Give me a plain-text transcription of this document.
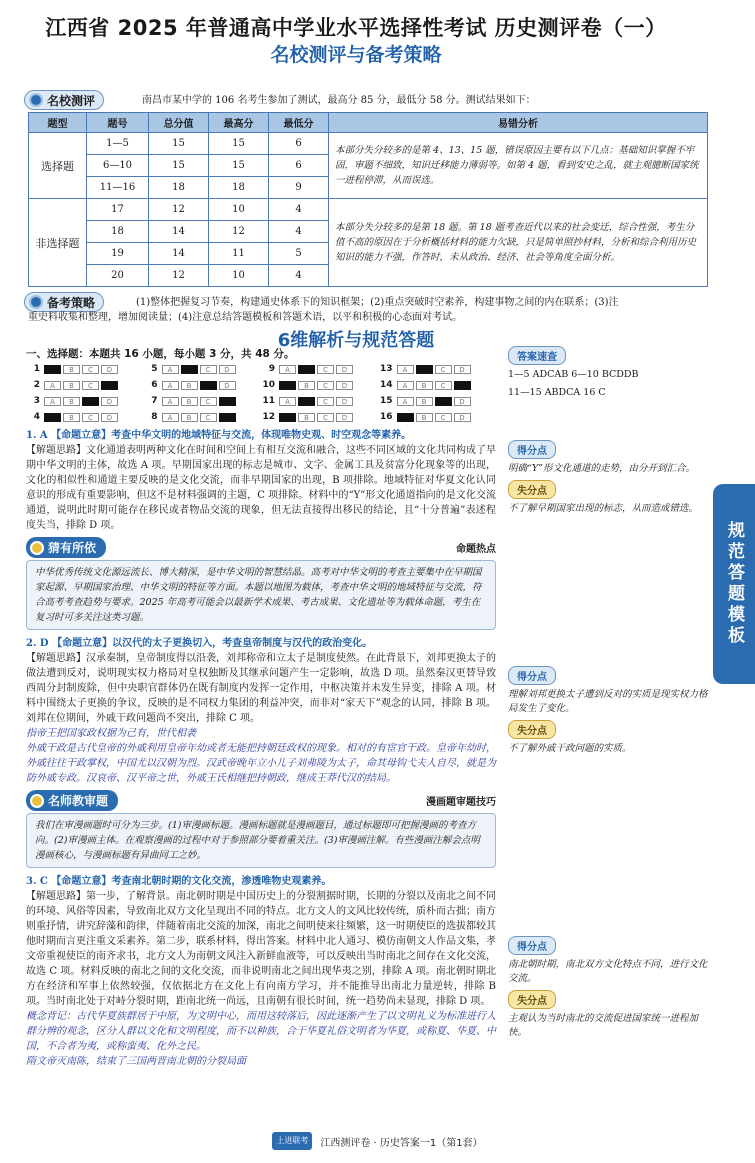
江西省 2025 年普通高中学业水平选择性考试 历史测评卷（一）
名校测评与备考策略
名校测评	南昌市某中学的 106 名考生参加了测试，最高分 85 分，最低分 58 分。测试结果如下：
题型	题号	总分值	最高分	最低分	易错分析
选择题	1—5	15	15	6	本部分失分较多的是第 4、13、15 题，错误原因主要有以下几点：基础知识掌握不牢固，审题不细致，知识迁移能力薄弱等。如第 4 题，看到安史之乱，就主观臆断国家统一进程停滞，从而误选。
	6—10	15	15	6	
	11—16	18	18	9	
非选择题	17	12	10	4	本部分失分较多的是第 18 题。第 18 题考查近代以来的社会变迁，综合性强，考生分值不高的原因在于分析概括材料的能力欠缺，只是简单照抄材料，分析和综合利用历史知识的能力不强，作答时，未从政治、经济、社会等角度全面分析。
	18	14	12	4	
	19	14	11	5	
	20	12	10	4	
备考策略	(1)整体把握复习节奏，构建通史体系下的知识框架；(2)重点突破时空素养，构建事物之间的内在联系；(3)注
重史料收集和整理，增加阅读量；(4)注意总结答题模板和答题术语，以平和积极的心态面对考试。
6维解析与规范答题
一、选择题：本题共 16 小题，每小题 3 分，共 48 分。
1	A	B	C	D	5	A	B	C	D	9	A	B	C	D	13	A	B	C	D
2	A	B	C	D	6	A	B	C	D	10	A	B	C	D	14	A	B	C	D
3	A	B	C	D	7	A	B	C	D	11	A	B	C	D	15	A	B	C	D
4	A	B	C	D	8	A	B	C	D	12	A	B	C	D	16	A	B	C	D
1. A 【命题立意】考查中华文明的地域特征与交流，体现唯物史观、时空观念等素养。
【解题思路】文化通道表明两种文化在时间和空间上有相互交流和融合，这些不同区域的文化共同构成了早期中华文明的主体，故选 A 项。早期国家出现的标志是城市、文字、金属工具及贫富分化现象等的出现，文化的相似性和通道主要反映的是文化交流，而非早期国家的出现，B 项排除。地域特征对华夏文化认同意识的形成有重要影响，但这不是材料强调的主题，C 项排除。材料中的“Y”形文化通道指向的是文化交流通道，说明此时期可能存在移民或者物品交流的现象，但无法直接得出移民的结论，且“十分普遍”表述程度失当，排除 D 项。
猜有所依	命题热点
中华优秀传统文化源远流长、博大精深，是中华文明的智慧结晶。高考对中华文明的考查主要集中在早期国家起源、早期国家治理、中华文明的特征等方面。本题以地图为载体，考查中华文明的地域特征与交流，符合高考考查趋势与要求。2025 年高考可能会以最新学术成果、考古成果、文化遗址等为载体命题，考生在复习时可多关注这类习题。
2. D 【命题立意】以汉代的太子更换切入，考查皇帝制度与汉代的政治变化。
【解题思路】汉承秦制，皇帝制度得以沿袭，刘邦称帝和立太子是制度使然。在此背景下，刘邦更换太子的做法遭到反对，说明现实权力格局对皇权独断及其继承问题产生一定影响，故选 D 项。虽然秦汉更替导致西周分封制废除，但中央职官群体仍在既有制度内发挥一定作用，中枢决策并未发生异变，排除 A 项。材料中围绕太子更换的争议，反映的是不同权力集团的利益冲突，而非对“家天下”观念的认同，排除 B 项。刘邦在位期间，外戚干政问题尚不突出，排除 C 项。
指帝王把国家政权据为己有，世代相袭
外戚干政是古代皇帝的外戚利用皇帝年幼或者无能把持朝廷政权的现象。相对的有宦官干政。皇帝年幼时，外戚往往干政掌权，中国尤以汉朝为烈。汉武帝晚年立小儿子刘弗陵为太子，命其母钩弋夫人自尽，就是为防外戚专政。汉哀帝、汉平帝之世，外戚王氏相继把持朝政，继成王莽代汉的结局。
名师教审题	漫画题审题技巧
我们在审漫画题时可分为三步。(1)审漫画标题。漫画标题就是漫画题目，通过标题即可把握漫画的考查方向。(2)审漫画主体。在观察漫画的过程中对于参照部分要着重关注。(3)审漫画注解。有些漫画注解会点明漫画核心，与漫画标题有异曲同工之妙。
3. C 【命题立意】考查南北朝时期的文化交流，渗透唯物史观素养。
【解题思路】第一步，了解背景。南北朝时期是中国历史上的分裂割据时期，长期的分裂以及南北之间不同的环境、风俗等因素，导致南北双方文化呈现出不同的特点。北方文人的文风比较传统，质朴而古拙；南方则重抒情，讲究辞藻和韵律，伴随着南北交流的加深，南北之间明使来往频繁，这一时期使臣的选拔都较其他时期而言更注重文采素养。第二步，联系材料，得出答案。材料中北人通习、模仿南朝文人作品文集，孝文帝重视使臣的南齐求书，北方文人为南朝文风注入新鲜血液等，可以反映出当时南北之间存在文化交流，故选 C 项。材料反映的南北之间的文化交流，而非说明南北之间出现华夷之别，排除 A 项。南北朝时期北方在经济和军事上依然较强，仅依据北方在文化上有向南方学习，并不能推导出南北力量逆转，排除 B 项。当时南北处于对峙分裂时期，距南北统一尚远，且南朝有很长时间，统一趋势尚未显现，排除 D 项。
概念背记：古代华夏族群居于中原，为文明中心，而用这较落后，因此逐渐产生了以文明礼义为标准进行人群分辨的观念，区分人群以文化和文明程度，而不以种族，合于华夏礼俗文明者为华夏，或称夏、华夏、中国，不合者为夷，或称蛮夷、化外之民。
隋文帝灭南陈，结束了三国两晋南北朝的分裂局面
答案速查
1—5 ADCAB 6—10 BCDDB
11—15 ABDCA 16 C
得分点
明确“Y”形文化通道的走势，由分开到汇合。
失分点
不了解早期国家出现的标志，从而造成错选。
得分点
理解刘邦更换太子遭到反对的实质是现实权力格局发生了变化。
失分点
不了解外戚干政问题的实质。
得分点
南北朝时期，南北双方文化特点不同，进行文化交流。
失分点
主观认为当时南北的交流促进国家统一进程加快。
规范答题模板
上进联考	江西测评卷 · 历史答案一1（第1套）
